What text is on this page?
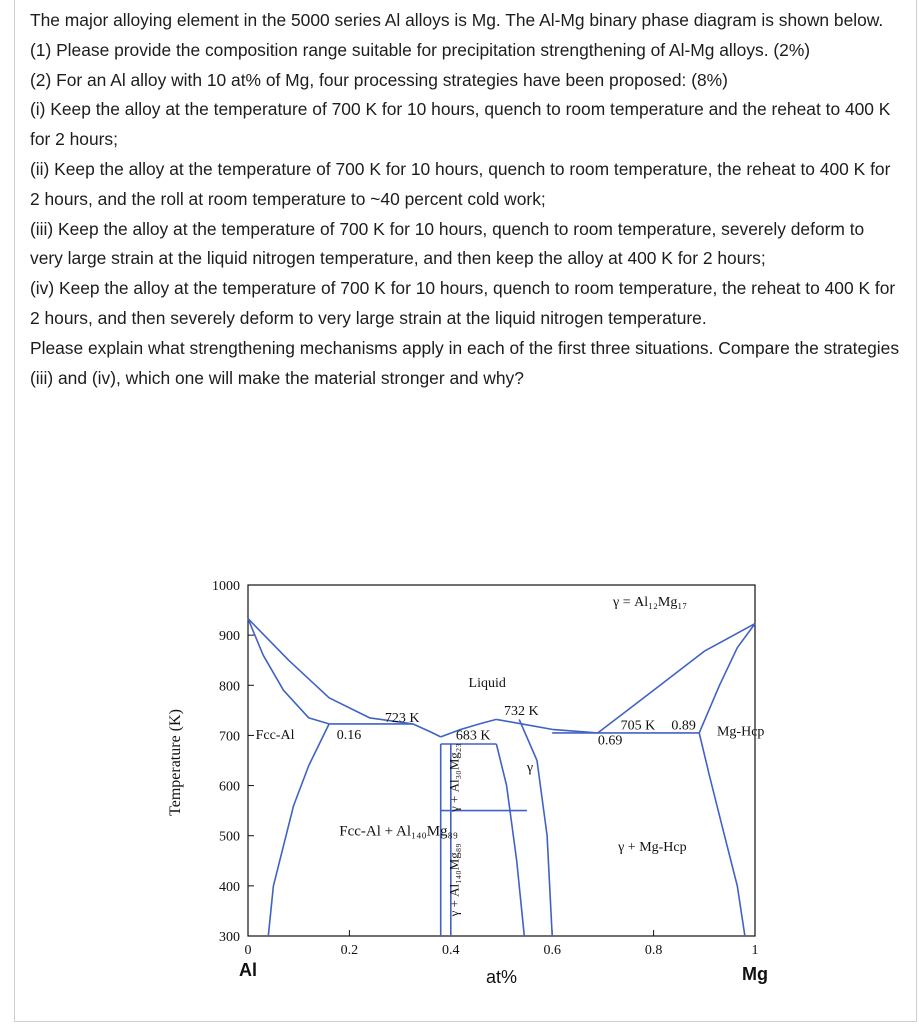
The major alloying element in the 5000 series Al alloys is Mg. The Al-Mg binary phase diagram is shown below.

(1) Please provide the composition range suitable for precipitation strengthening of Al-Mg alloys. (2%)

(2) For an Al alloy with 10 at% of Mg, four processing strategies have been proposed: (8%)

(i) Keep the alloy at the temperature of 700 K for 10 hours, quench to room temperature and the reheat to 400 K for 2 hours;

(ii) Keep the alloy at the temperature of 700 K for 10 hours, quench to room temperature, the reheat to 400 K for 2 hours, and the roll at room temperature to ~40 percent cold work;

(iii) Keep the alloy at the temperature of 700 K for 10 hours, quench to room temperature, severely deform to very large strain at the liquid nitrogen temperature, and then keep the alloy at 400 K for 2 hours;

(iv) Keep the alloy at the temperature of 700 K for 10 hours, quench to room temperature, the reheat to 400 K for 2 hours, and then severely deform to very large strain at the liquid nitrogen temperature.

Please explain what strengthening mechanisms apply in each of the first three situations. Compare the strategies (iii) and (iv), which one will make the material stronger and why?

300
400
500
600
700
800
900
1000
0	0.2	0.4	0.6	0.8	1
Temperature (K)
at%
Al	Mg
723 K
0.16	683 K
732 K
705 K 0.89
0.69
Liquid
Fcc-Al	Mg-Hcp
γ
γ + Mg-Hcp
γ = Al₁₂Mg₁₇
Fcc-Al + Al₁₄₀Mg₈₉
γ + Al₃₀Mg₂₃
γ + Al₁₄₀Mg₈₉
